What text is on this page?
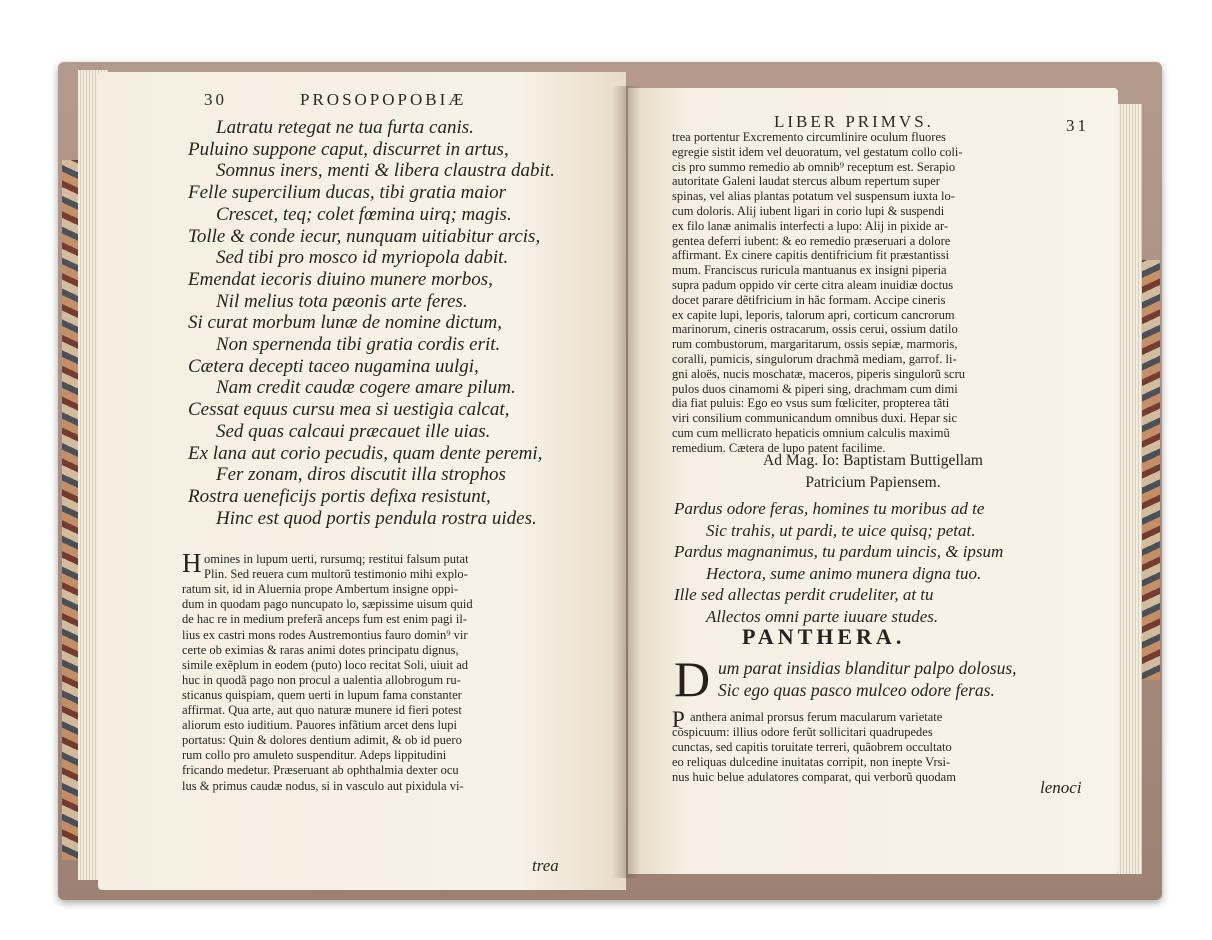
30	PROSOPOPOBIÆ
Latratu retegat ne tua furta canis.
Puluino suppone caput, discurret in artus,
Somnus iners, menti & libera claustra dabit.
Felle supercilium ducas, tibi gratia maior
Crescet, teq; colet fœmina uirq; magis.
Tolle & conde iecur, nunquam uitiabitur arcis,
Sed tibi pro mosco id myriopola dabit.
Emendat iecoris diuino munere morbos,
Nil melius tota pæonis arte feres.
Si curat morbum lunæ de nomine dictum,
Non spernenda tibi gratia cordis erit.
Cætera decepti taceo nugamina uulgi,
Nam credit caudæ cogere amare pilum.
Cessat equus cursu mea si uestigia calcat,
Sed quas calcaui præcauet ille uias.
Ex lana aut corio pecudis, quam dente peremi,
Fer zonam, diros discutit illa strophos
Rostra ueneficijs portis defixa resistunt,
Hinc est quod portis pendula rostra uides.
H omines in lupum uerti, rursumq; restitui falsum putat
Plin. Sed reuera cum multorũ testimonio mihi explo-
ratum sit, id in Aluernia prope Ambertum insigne oppi-
dum in quodam pago nuncupato lo, sæpissime uisum quid
de hac re in medium preferã anceps fum est enim pagi il-
lius ex castri mons rodes Austremontius fauro domin⁹ vir
certe ob eximias & raras animi dotes principatu dignus,
simile exẽplum in eodem (puto) loco recitat Soli, uiuit ad
huc in quodã pago non procul a ualentia allobrogum ru-
sticanus quispiam, quem uerti in lupum fama constanter
affirmat. Qua arte, aut quo naturæ munere id fieri potest
aliorum esto iuditium. Pauores infãtium arcet dens lupi
portatus: Quin & dolores dentium adimit, & ob id puero
rum collo pro amuleto suspenditur. Adeps lippitudini
fricando medetur. Præseruant ab ophthalmia dexter ocu
lus & primus caudæ nodus, si in vasculo aut pixidula vi-
trea
LIBER PRIMVS.	31
trea portentur Excremento circumlinire oculum fluores
egregie sistit idem vel deuoratum, vel gestatum collo coli-
cis pro summo remedio ab omnib⁹ receptum est. Serapio
autoritate Galeni laudat stercus album repertum super
spinas, vel alias plantas potatum vel suspensum iuxta lo-
cum doloris. Alij iubent ligari in corio lupi & suspendi
ex filo lanæ animalis interfecti a lupo: Alij in pixide ar-
gentea deferri iubent: & eo remedio præseruari a dolore
affirmant. Ex cinere capitis dentifricium fit præstantissi
mum. Franciscus ruricula mantuanus ex insigni piperia
supra padum oppido vir certe citra aleam inuidiæ doctus
docet parare dẽtifricium in hãc formam. Accipe cineris
ex capite lupi, leporis, talorum apri, corticum cancrorum
marinorum, cineris ostracarum, ossis cerui, ossium datilo
rum combustorum, margaritarum, ossis sepiæ, marmoris,
coralli, pumicis, singulorum drachmã mediam, garrof. li-
gni aloës, nucis moschatæ, maceros, piperis singulorũ scru
pulos duos cinamomi & piperi sing, drachmam cum dimi
dia fiat puluis: Ego eo vsus sum fœliciter, propterea tãti
viri consilium communicandum omnibus duxi. Hepar sic
cum cum mellicrato hepaticis omnium calculis maximũ
remedium. Cætera de lupo patent facilime.
Ad Mag. Io: Baptistam Buttigellam
Patricium Papiensem.
Pardus odore feras, homines tu moribus ad te
Sic trahis, ut pardi, te uice quisq; petat.
Pardus magnanimus, tu pardum uincis, & ipsum
Hectora, sume animo munera digna tuo.
Ille sed allectas perdit crudeliter, at tu
Allectos omni parte iuuare studes.
PANTHERA.
D um parat insidias blanditur palpo dolosus,
Sic ego quas pasco mulceo odore feras.
P anthera animal prorsus ferum macularum varietate
cõspicuum: illius odore ferũt sollicitari quadrupedes
cunctas, sed capitis toruitate terreri, quãobrem occultato
eo reliquas dulcedine inuitatas corripit, non inepte Vrsi-
nus huic belue adulatores comparat, qui verborũ quodam
lenoci
